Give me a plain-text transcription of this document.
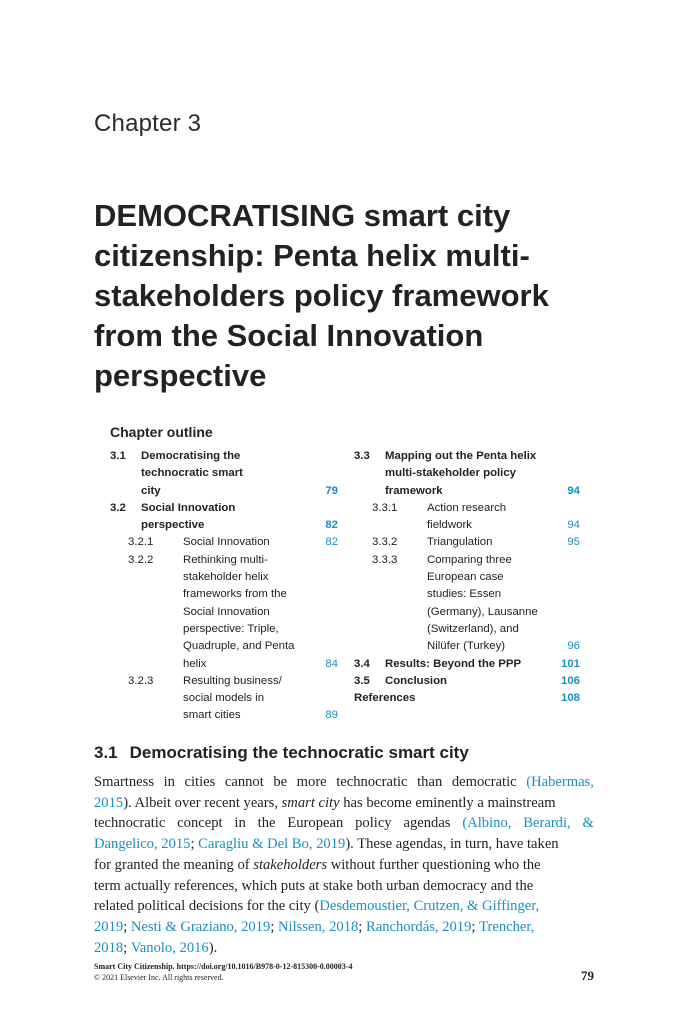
Chapter 3
DEMOCRATISING smart city
citizenship: Penta helix multi-
stakeholders policy framework
from the Social Innovation
perspective
Chapter outline
3.1 Democratising the technocratic smart city	79
3.2 Social Innovation perspective	82
3.2.1	Social Innovation	82
3.2.2	Rethinking multi-stakeholder helix frameworks from the Social Innovation perspective: Triple, Quadruple, and Penta helix	84
3.2.3	Resulting business/ social models in smart cities	89
3.3 Mapping out the Penta helix multi-stakeholder policy framework	94
3.3.1	Action research fieldwork	94
3.3.2	Triangulation	95
3.3.3	Comparing three European case studies: Essen (Germany), Lausanne (Switzerland), and Nilüfer (Turkey)	96
3.4 Results: Beyond the PPP	101
3.5 Conclusion	106
References	108
3.1 Democratising the technocratic smart city
Smartness in cities cannot be more technocratic than democratic (Habermas,
2015 ). Albeit over recent years, smart city has become eminently a mainstream
technocratic concept in the European policy agendas (Albino, Berardi, &
Dangelico, 2015 ; Caragliu & Del Bo, 2019 ). These agendas, in turn, have taken
for granted the meaning of stakeholders without further questioning who the
term actually references, which puts at stake both urban democracy and the
related political decisions for the city ( Desdemoustier, Crutzen, & Giffinger,
2019 ; Nesti & Graziano, 2019 ; Nilssen, 2018 ; Ranchordás, 2019 ; Trencher,
2018 ; Vanolo, 2016 ).
Smart City Citizenship. https://doi.org/10.1016/B978-0-12-815300-0.00003-4
© 2021 Elsevier Inc. All rights reserved.	79
